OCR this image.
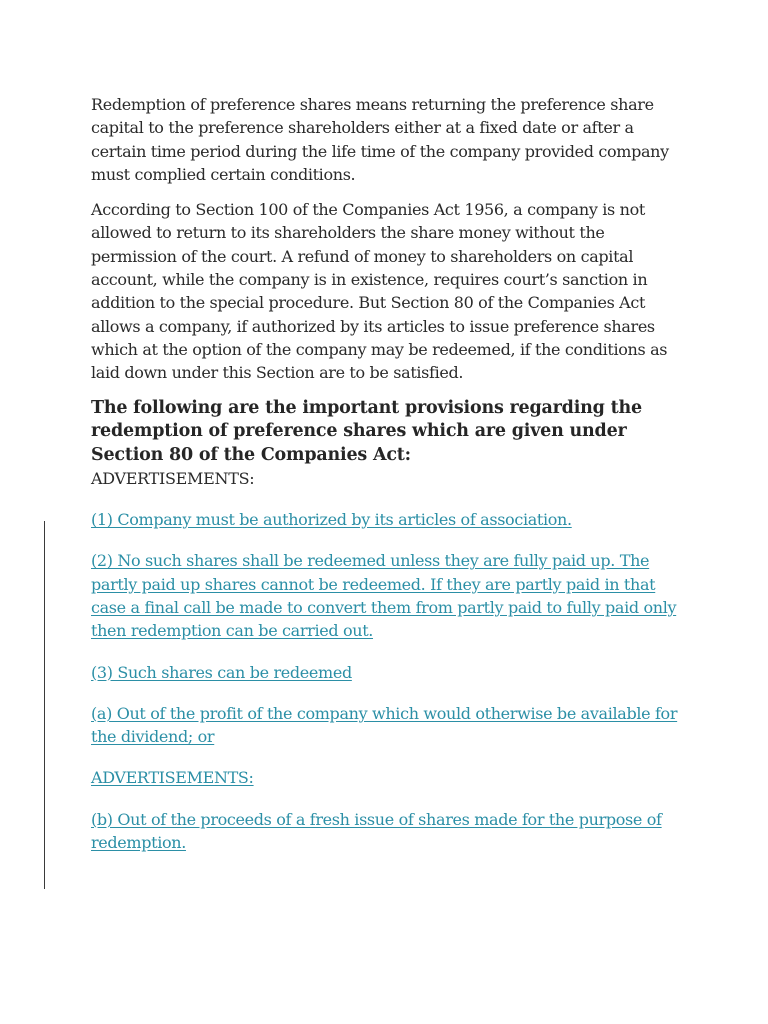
Redemption of preference shares means returning the preference share capital to the preference shareholders either at a fixed date or after a certain time period during the life time of the company provided company must complied certain conditions.

According to Section 100 of the Companies Act 1956, a company is not allowed to return to its shareholders the share money without the permission of the court. A refund of money to shareholders on capital account, while the company is in existence, requires court’s sanction in addition to the special procedure. But Section 80 of the Companies Act allows a company, if authorized by its articles to issue preference shares which at the option of the company may be redeemed, if the conditions as laid down under this Section are to be satisfied.

The following are the important provisions regarding the redemption of preference shares which are given under Section 80 of the Companies Act:
ADVERTISEMENTS:

(1) Company must be authorized by its articles of association.

(2) No such shares shall be redeemed unless they are fully paid up. The partly paid up shares cannot be redeemed. If they are partly paid in that case a final call be made to convert them from partly paid to fully paid only then redemption can be carried out.

(3) Such shares can be redeemed

(a) Out of the profit of the company which would otherwise be available for the dividend; or

ADVERTISEMENTS:

(b) Out of the proceeds of a fresh issue of shares made for the purpose of redemption.
